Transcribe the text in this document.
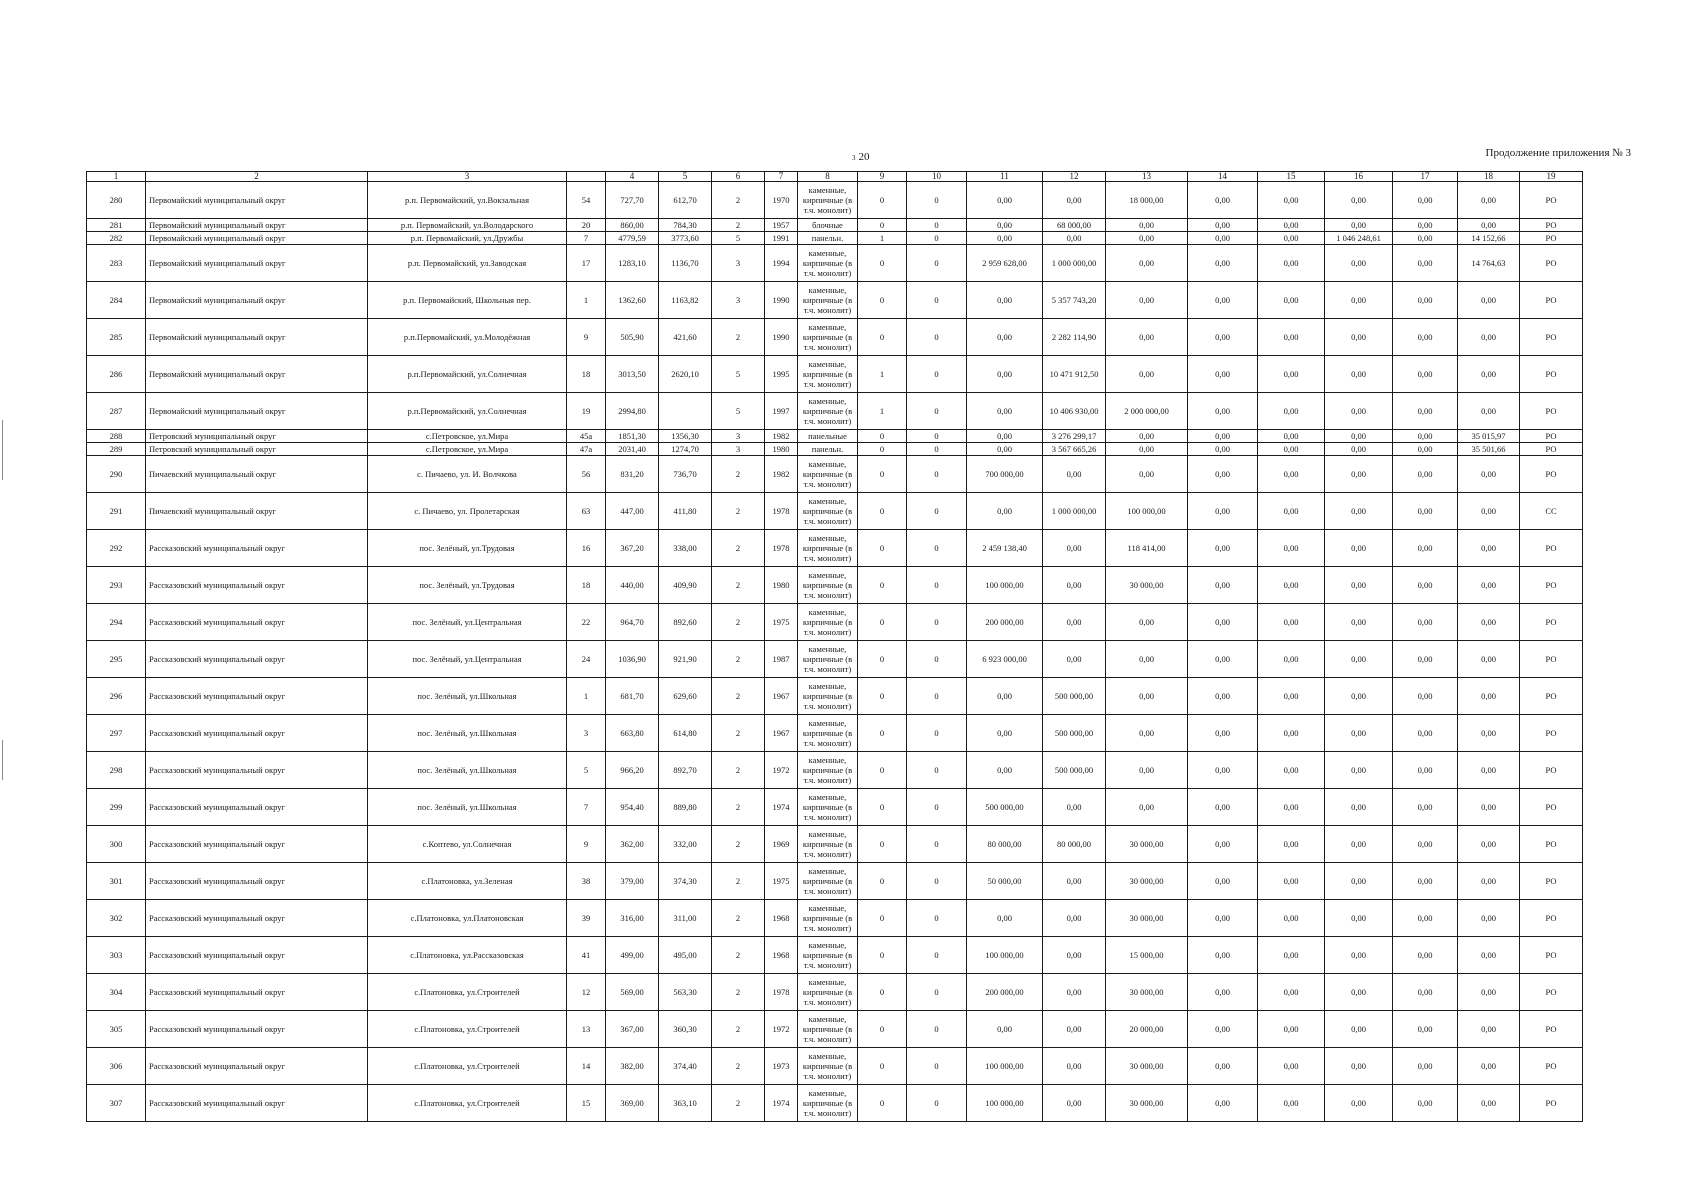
3 20	Продолжение приложения № 3
1	2	3		4	5	6	7	8	9	10	11	12	13	14	15	16	17	18	19
280	Первомайский муниципальный округ	р.п. Первомайский, ул.Вокзальная	54	727,70	612,70	2	1970	каменные, кирпичные (в т.ч. монолит)	0	0	0,00	0,00	18 000,00	0,00	0,00	0,00	0,00	0,00	РО
281	Первомайский муниципальный округ	р.п. Первомайский, ул.Володарского	20	860,00	784,30	2	1957	блочные	0	0	0,00	68 000,00	0,00	0,00	0,00	0,00	0,00	0,00	РО
282	Первомайский муниципальный округ	р.п. Первомайский, ул.Дружбы	7	4779,59	3773,60	5	1991	панельн.	1	0	0,00	0,00	0,00	0,00	0,00	1 046 248,61	0,00	14 152,66	РО
283	Первомайский муниципальный округ	р.п. Первомайский, ул.Заводская	17	1283,10	1136,70	3	1994	каменные, кирпичные (в т.ч. монолит)	0	0	2 959 628,00	1 000 000,00	0,00	0,00	0,00	0,00	0,00	14 764,63	РО
284	Первомайский муниципальный округ	р.п. Первомайский, Школьныя пер.	1	1362,60	1163,82	3	1990	каменные, кирпичные (в т.ч. монолит)	0	0	0,00	5 357 743,20	0,00	0,00	0,00	0,00	0,00	0,00	РО
285	Первомайский муниципальный округ	р.п.Первомайский, ул.Молодёжная	9	505,90	421,60	2	1990	каменные, кирпичные (в т.ч. монолит)	0	0	0,00	2 282 114,90	0,00	0,00	0,00	0,00	0,00	0,00	РО
286	Первомайский муниципальный округ	р.п.Первомайский, ул.Солнечная	18	3013,50	2620,10	5	1995	каменные, кирпичные (в т.ч. монолит)	1	0	0,00	10 471 912,50	0,00	0,00	0,00	0,00	0,00	0,00	РО
287	Первомайский муниципальный округ	р.п.Первомайский, ул.Солнечная	19	2994,80		5	1997	каменные, кирпичные (в т.ч. монолит)	1	0	0,00	10 406 930,00	2 000 000,00	0,00	0,00	0,00	0,00	0,00	РО
288	Петровский муниципальный округ	с.Петровское, ул.Мира	45а	1851,30	1356,30	3	1982	панельные	0	0	0,00	3 276 299,17	0,00	0,00	0,00	0,00	0,00	35 015,97	РО
289	Петровский муниципальный округ	с.Петровское, ул.Мира	47а	2031,40	1274,70	3	1980	панельн.	0	0	0,00	3 567 665,26	0,00	0,00	0,00	0,00	0,00	35 501,66	РО
290	Пичаевский муниципальный округ	с. Пичаево, ул. И. Волчкова	56	831,20	736,70	2	1982	каменные, кирпичные (в т.ч. монолит)	0	0	700 000,00	0,00	0,00	0,00	0,00	0,00	0,00	0,00	РО
291	Пичаевский муниципальный округ	с. Пичаево, ул. Пролетарская	63	447,00	411,80	2	1978	каменные, кирпичные (в т.ч. монолит)	0	0	0,00	1 000 000,00	100 000,00	0,00	0,00	0,00	0,00	0,00	СС
292	Рассказовский муниципальный округ	пос. Зелёный, ул.Трудовая	16	367,20	338,00	2	1978	каменные, кирпичные (в т.ч. монолит)	0	0	2 459 138,40	0,00	118 414,00	0,00	0,00	0,00	0,00	0,00	РО
293	Рассказовский муниципальный округ	пос. Зелёный, ул.Трудовая	18	440,00	409,90	2	1980	каменные, кирпичные (в т.ч. монолит)	0	0	100 000,00	0,00	30 000,00	0,00	0,00	0,00	0,00	0,00	РО
294	Рассказовский муниципальный округ	пос. Зелёный, ул.Центральная	22	964,70	892,60	2	1975	каменные, кирпичные (в т.ч. монолит)	0	0	200 000,00	0,00	0,00	0,00	0,00	0,00	0,00	0,00	РО
295	Рассказовский муниципальный округ	пос. Зелёный, ул.Центральная	24	1036,90	921,90	2	1987	каменные, кирпичные (в т.ч. монолит)	0	0	6 923 000,00	0,00	0,00	0,00	0,00	0,00	0,00	0,00	РО
296	Рассказовский муниципальный округ	пос. Зелёный, ул.Школьная	1	681,70	629,60	2	1967	каменные, кирпичные (в т.ч. монолит)	0	0	0,00	500 000,00	0,00	0,00	0,00	0,00	0,00	0,00	РО
297	Рассказовский муниципальный округ	пос. Зелёный, ул.Школьная	3	663,80	614,80	2	1967	каменные, кирпичные (в т.ч. монолит)	0	0	0,00	500 000,00	0,00	0,00	0,00	0,00	0,00	0,00	РО
298	Рассказовский муниципальный округ	пос. Зелёный, ул.Школьная	5	966,20	892,70	2	1972	каменные, кирпичные (в т.ч. монолит)	0	0	0,00	500 000,00	0,00	0,00	0,00	0,00	0,00	0,00	РО
299	Рассказовский муниципальный округ	пос. Зелёный, ул.Школьная	7	954,40	889,80	2	1974	каменные, кирпичные (в т.ч. монолит)	0	0	500 000,00	0,00	0,00	0,00	0,00	0,00	0,00	0,00	РО
300	Рассказовский муниципальный округ	с.Коптево, ул.Солнечная	9	362,00	332,00	2	1969	каменные, кирпичные (в т.ч. монолит)	0	0	80 000,00	80 000,00	30 000,00	0,00	0,00	0,00	0,00	0,00	РО
301	Рассказовский муниципальный округ	с.Платоновка, ул.Зеленая	38	379,00	374,30	2	1975	каменные, кирпичные (в т.ч. монолит)	0	0	50 000,00	0,00	30 000,00	0,00	0,00	0,00	0,00	0,00	РО
302	Рассказовский муниципальный округ	с.Платоновка, ул.Платоновская	39	316,00	311,00	2	1968	каменные, кирпичные (в т.ч. монолит)	0	0	0,00	0,00	30 000,00	0,00	0,00	0,00	0,00	0,00	РО
303	Рассказовский муниципальный округ	с.Платоновка, ул.Рассказовская	41	499,00	495,00	2	1968	каменные, кирпичные (в т.ч. монолит)	0	0	100 000,00	0,00	15 000,00	0,00	0,00	0,00	0,00	0,00	РО
304	Рассказовский муниципальный округ	с.Платоновка, ул.Строителей	12	569,00	563,30	2	1978	каменные, кирпичные (в т.ч. монолит)	0	0	200 000,00	0,00	30 000,00	0,00	0,00	0,00	0,00	0,00	РО
305	Рассказовский муниципальный округ	с.Платоновка, ул.Строителей	13	367,00	360,30	2	1972	каменные, кирпичные (в т.ч. монолит)	0	0	0,00	0,00	20 000,00	0,00	0,00	0,00	0,00	0,00	РО
306	Рассказовский муниципальный округ	с.Платоновка, ул.Строителей	14	382,00	374,40	2	1973	каменные, кирпичные (в т.ч. монолит)	0	0	100 000,00	0,00	30 000,00	0,00	0,00	0,00	0,00	0,00	РО
307	Рассказовский муниципальный округ	с.Платоновка, ул.Строителей	15	369,00	363,10	2	1974	каменные, кирпичные (в т.ч. монолит)	0	0	100 000,00	0,00	30 000,00	0,00	0,00	0,00	0,00	0,00	РО
